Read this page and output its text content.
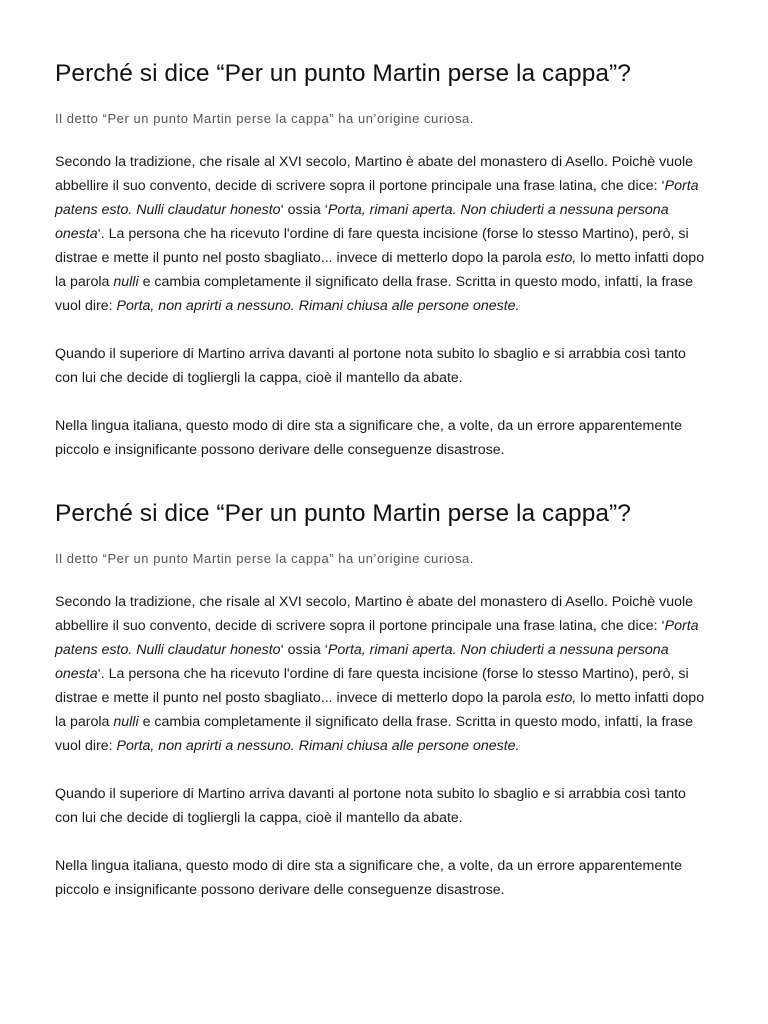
Perché si dice “Per un punto Martin perse la cappa”?

Il detto “Per un punto Martin perse la cappa” ha un’origine curiosa.

Secondo la tradizione, che risale al XVI secolo, Martino è abate del monastero di Asello. Poichè vuole abbellire il suo convento, decide di scrivere sopra il portone principale una frase latina, che dice: ‘Porta patens esto. Nulli claudatur honesto‘ ossia ‘Porta, rimani aperta. Non chiuderti a nessuna persona onesta‘. La persona che ha ricevuto l'ordine di fare questa incisione (forse lo stesso Martino), però, si distrae e mette il punto nel posto sbagliato... invece di metterlo dopo la parola esto, lo metto infatti dopo la parola nulli e cambia completamente il significato della frase. Scritta in questo modo, infatti, la frase vuol dire: Porta, non aprirti a nessuno. Rimani chiusa alle persone oneste.

Quando il superiore di Martino arriva davanti al portone nota subito lo sbaglio e si arrabbia così tanto con lui che decide di togliergli la cappa, cioè il mantello da abate.

Nella lingua italiana, questo modo di dire sta a significare che, a volte, da un errore apparentemente piccolo e insignificante possono derivare delle conseguenze disastrose.

Perché si dice “Per un punto Martin perse la cappa”?

Il detto “Per un punto Martin perse la cappa” ha un’origine curiosa.

Secondo la tradizione, che risale al XVI secolo, Martino è abate del monastero di Asello. Poichè vuole abbellire il suo convento, decide di scrivere sopra il portone principale una frase latina, che dice: ‘Porta patens esto. Nulli claudatur honesto‘ ossia ‘Porta, rimani aperta. Non chiuderti a nessuna persona onesta‘. La persona che ha ricevuto l'ordine di fare questa incisione (forse lo stesso Martino), però, si distrae e mette il punto nel posto sbagliato... invece di metterlo dopo la parola esto, lo metto infatti dopo la parola nulli e cambia completamente il significato della frase. Scritta in questo modo, infatti, la frase vuol dire: Porta, non aprirti a nessuno. Rimani chiusa alle persone oneste.

Quando il superiore di Martino arriva davanti al portone nota subito lo sbaglio e si arrabbia così tanto con lui che decide di togliergli la cappa, cioè il mantello da abate.

Nella lingua italiana, questo modo di dire sta a significare che, a volte, da un errore apparentemente piccolo e insignificante possono derivare delle conseguenze disastrose.
